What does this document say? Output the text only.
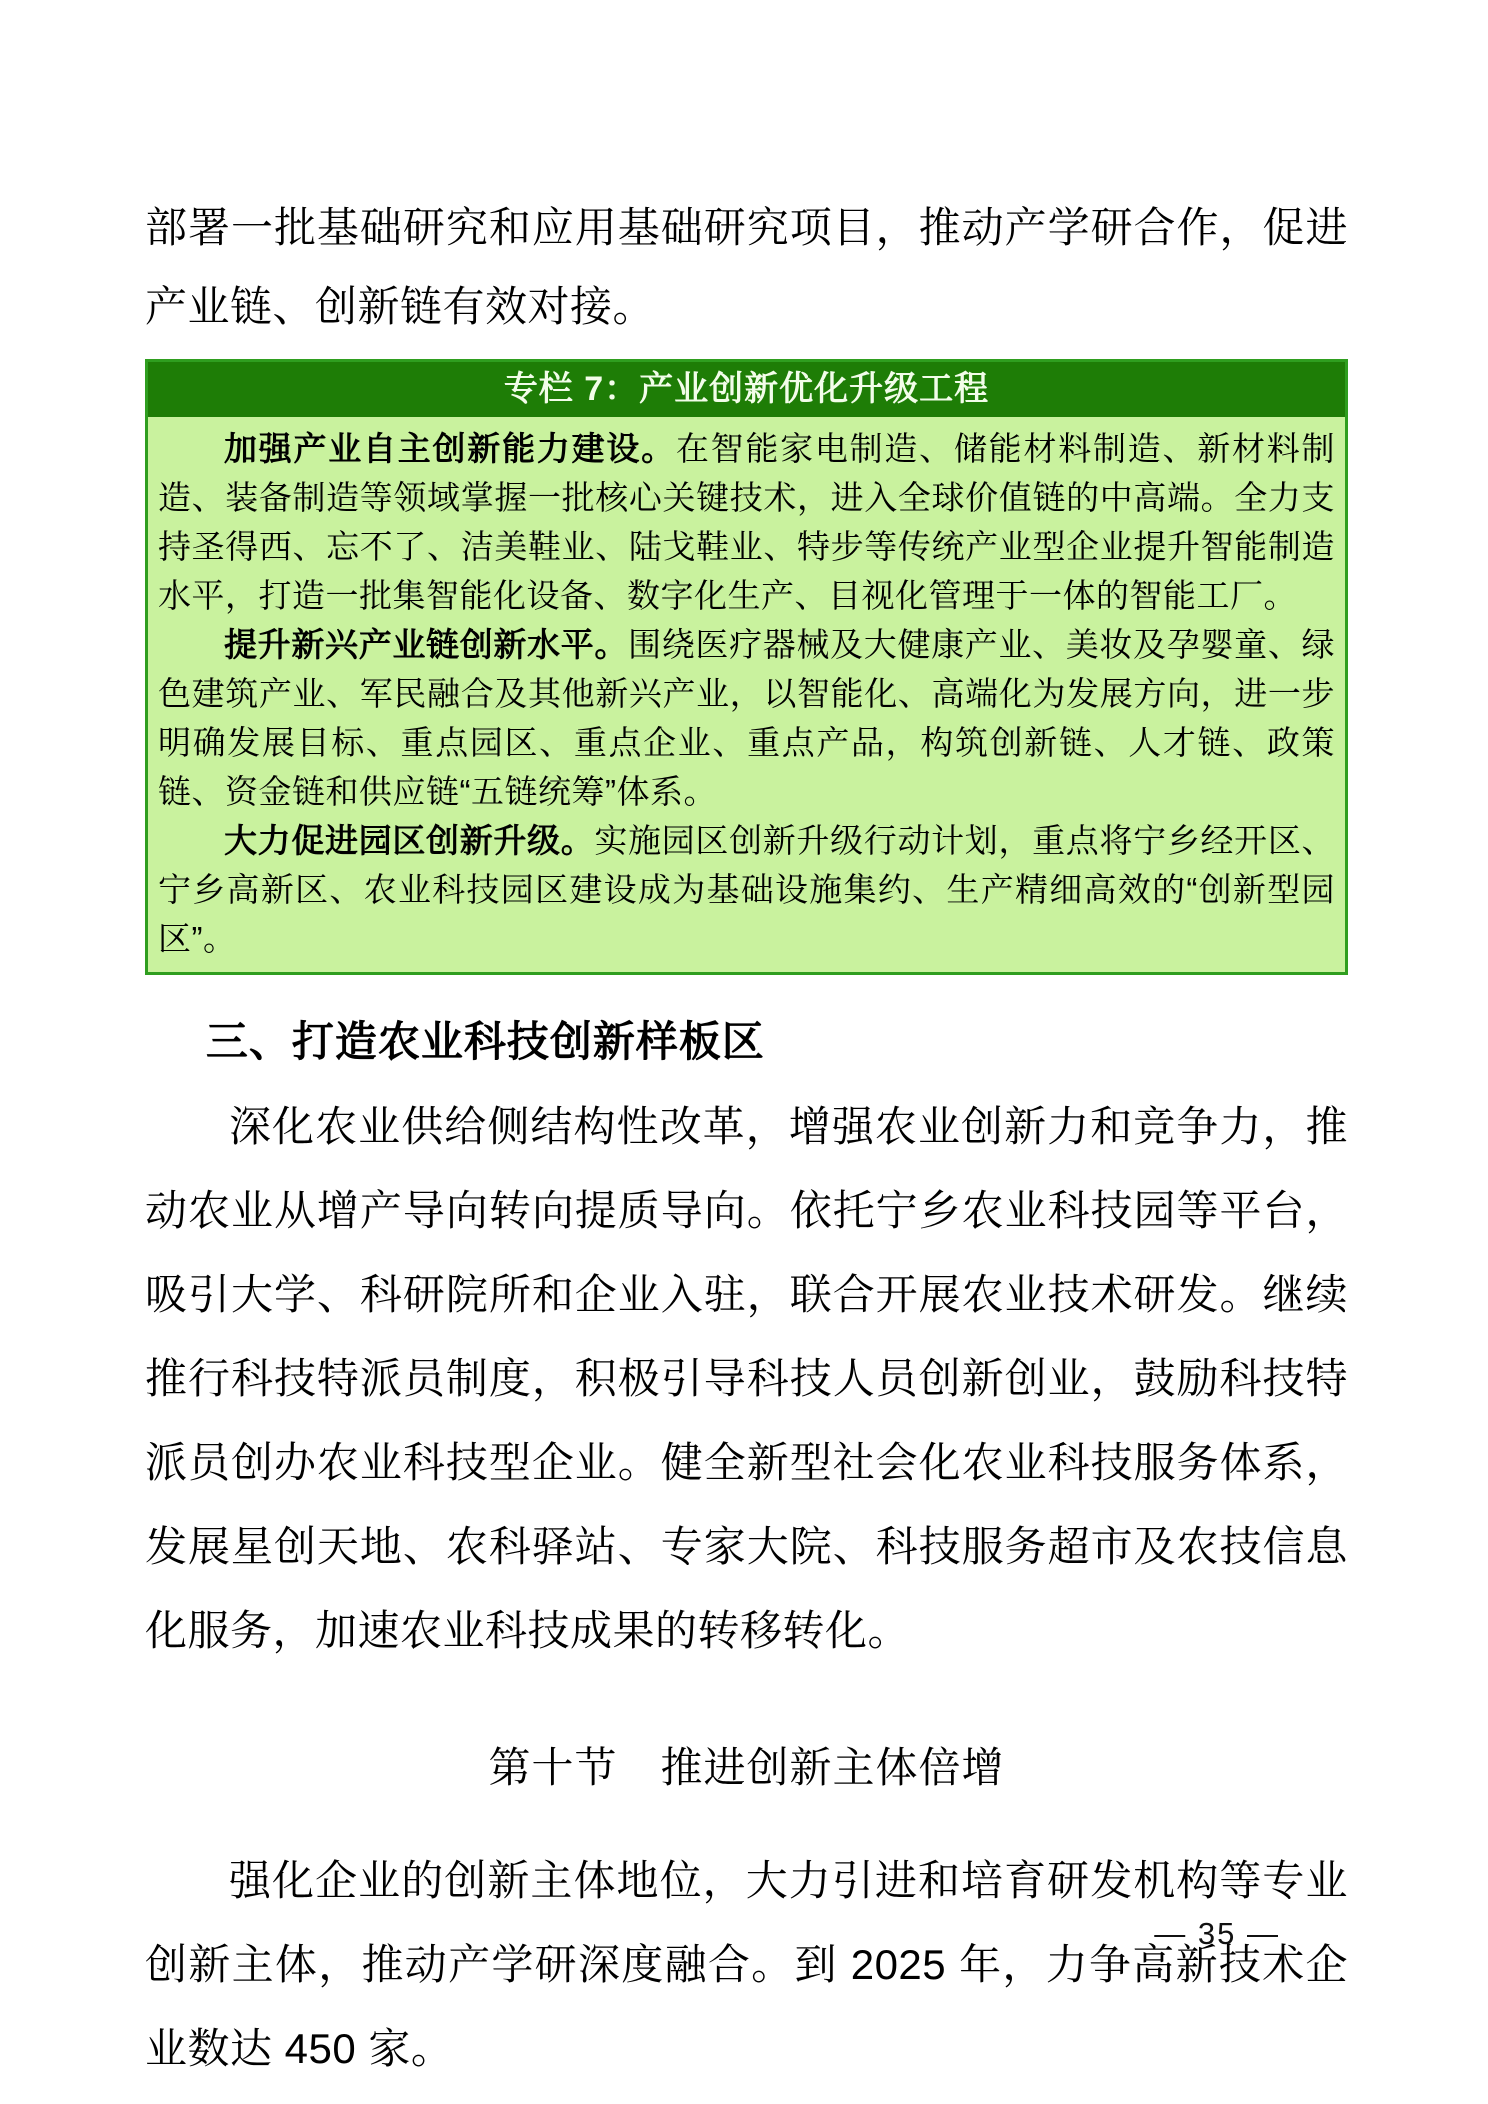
部署一批基础研究和应用基础研究项目，推动产学研合作，促进产业链、创新链有效对接。

专栏 7：产业创新优化升级工程

加强产业自主创新能力建设。在智能家电制造、储能材料制造、新材料制造、装备制造等领域掌握一批核心关键技术，进入全球价值链的中高端。全力支持圣得西、忘不了、洁美鞋业、陆戈鞋业、特步等传统产业型企业提升智能制造水平，打造一批集智能化设备、数字化生产、目视化管理于一体的智能工厂。

提升新兴产业链创新水平。围绕医疗器械及大健康产业、美妆及孕婴童、绿色建筑产业、军民融合及其他新兴产业，以智能化、高端化为发展方向，进一步明确发展目标、重点园区、重点企业、重点产品，构筑创新链、人才链、政策链、资金链和供应链“五链统筹”体系。

大力促进园区创新升级。实施园区创新升级行动计划，重点将宁乡经开区、宁乡高新区、农业科技园区建设成为基础设施集约、生产精细高效的“创新型园区”。

三、打造农业科技创新样板区

深化农业供给侧结构性改革，增强农业创新力和竞争力，推动农业从增产导向转向提质导向。依托宁乡农业科技园等平台，吸引大学、科研院所和企业入驻，联合开展农业技术研发。继续推行科技特派员制度，积极引导科技人员创新创业，鼓励科技特派员创办农业科技型企业。健全新型社会化农业科技服务体系，发展星创天地、农科驿站、专家大院、科技服务超市及农技信息化服务，加速农业科技成果的转移转化。

第十节　推进创新主体倍增

强化企业的创新主体地位，大力引进和培育研发机构等专业创新主体，推动产学研深度融合。到 2025 年，力争高新技术企业数达 450 家。

— 35 —
